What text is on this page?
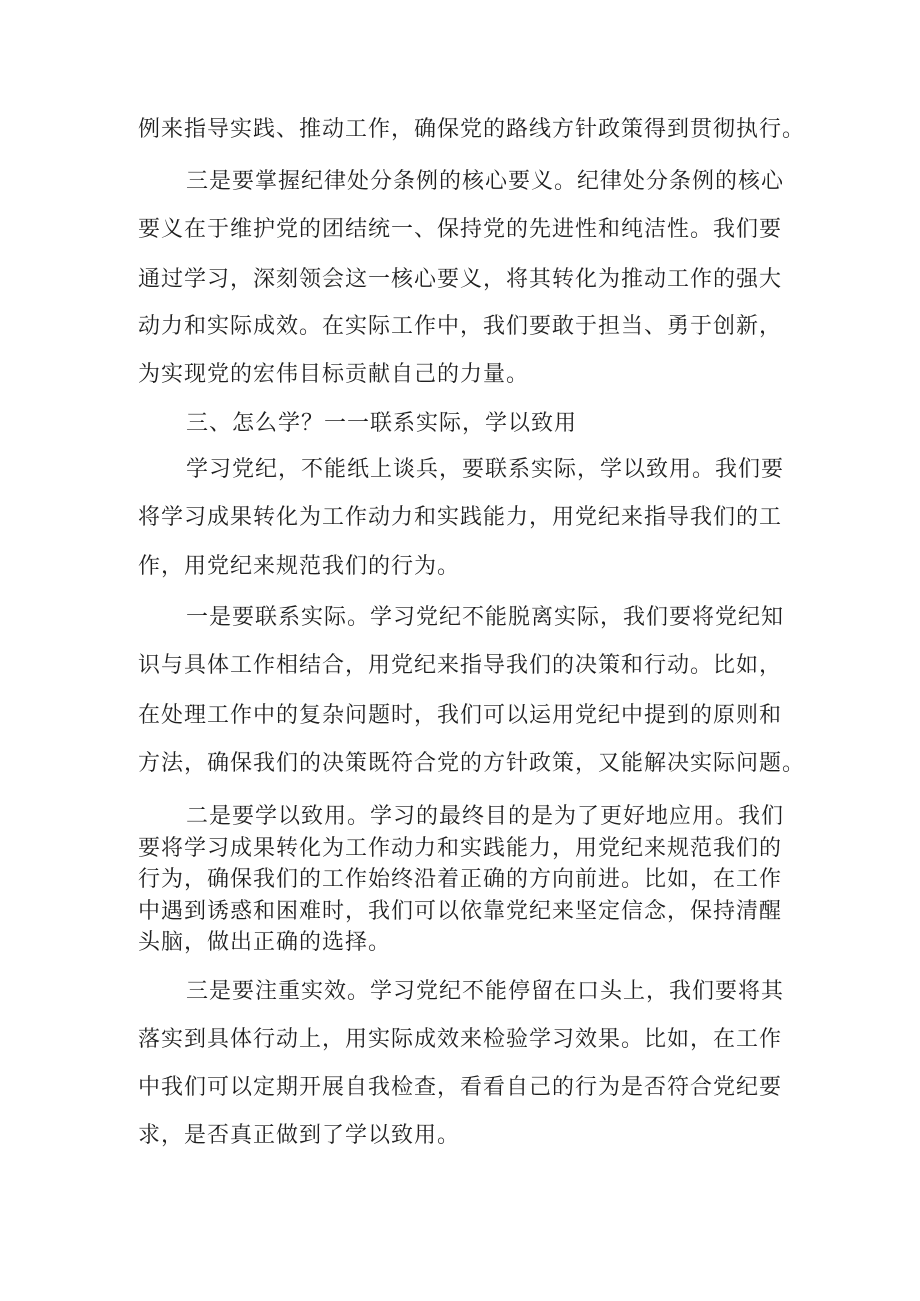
例来指导实践、推动工作，确保党的路线方针政策得到贯彻执行。
三是要掌握纪律处分条例的核心要义。纪律处分条例的核心
要义在于维护党的团结统一、保持党的先进性和纯洁性。我们要
通过学习，深刻领会这一核心要义，将其转化为推动工作的强大
动力和实际成效。在实际工作中，我们要敢于担当、勇于创新，
为实现党的宏伟目标贡献自己的力量。
三、怎么学？一一联系实际，学以致用
学习党纪，不能纸上谈兵，要联系实际，学以致用。我们要
将学习成果转化为工作动力和实践能力，用党纪来指导我们的工
作，用党纪来规范我们的行为。
一是要联系实际。学习党纪不能脱离实际，我们要将党纪知
识与具体工作相结合，用党纪来指导我们的决策和行动。比如，
在处理工作中的复杂问题时，我们可以运用党纪中提到的原则和
方法，确保我们的决策既符合党的方针政策，又能解决实际问题。
二是要学以致用。学习的最终目的是为了更好地应用。我们
要将学习成果转化为工作动力和实践能力，用党纪来规范我们的
行为，确保我们的工作始终沿着正确的方向前进。比如，在工作
中遇到诱惑和困难时，我们可以依靠党纪来坚定信念，保持清醒
头脑，做出正确的选择。
三是要注重实效。学习党纪不能停留在口头上，我们要将其
落实到具体行动上，用实际成效来检验学习效果。比如，在工作
中我们可以定期开展自我检查，看看自己的行为是否符合党纪要
求，是否真正做到了学以致用。
